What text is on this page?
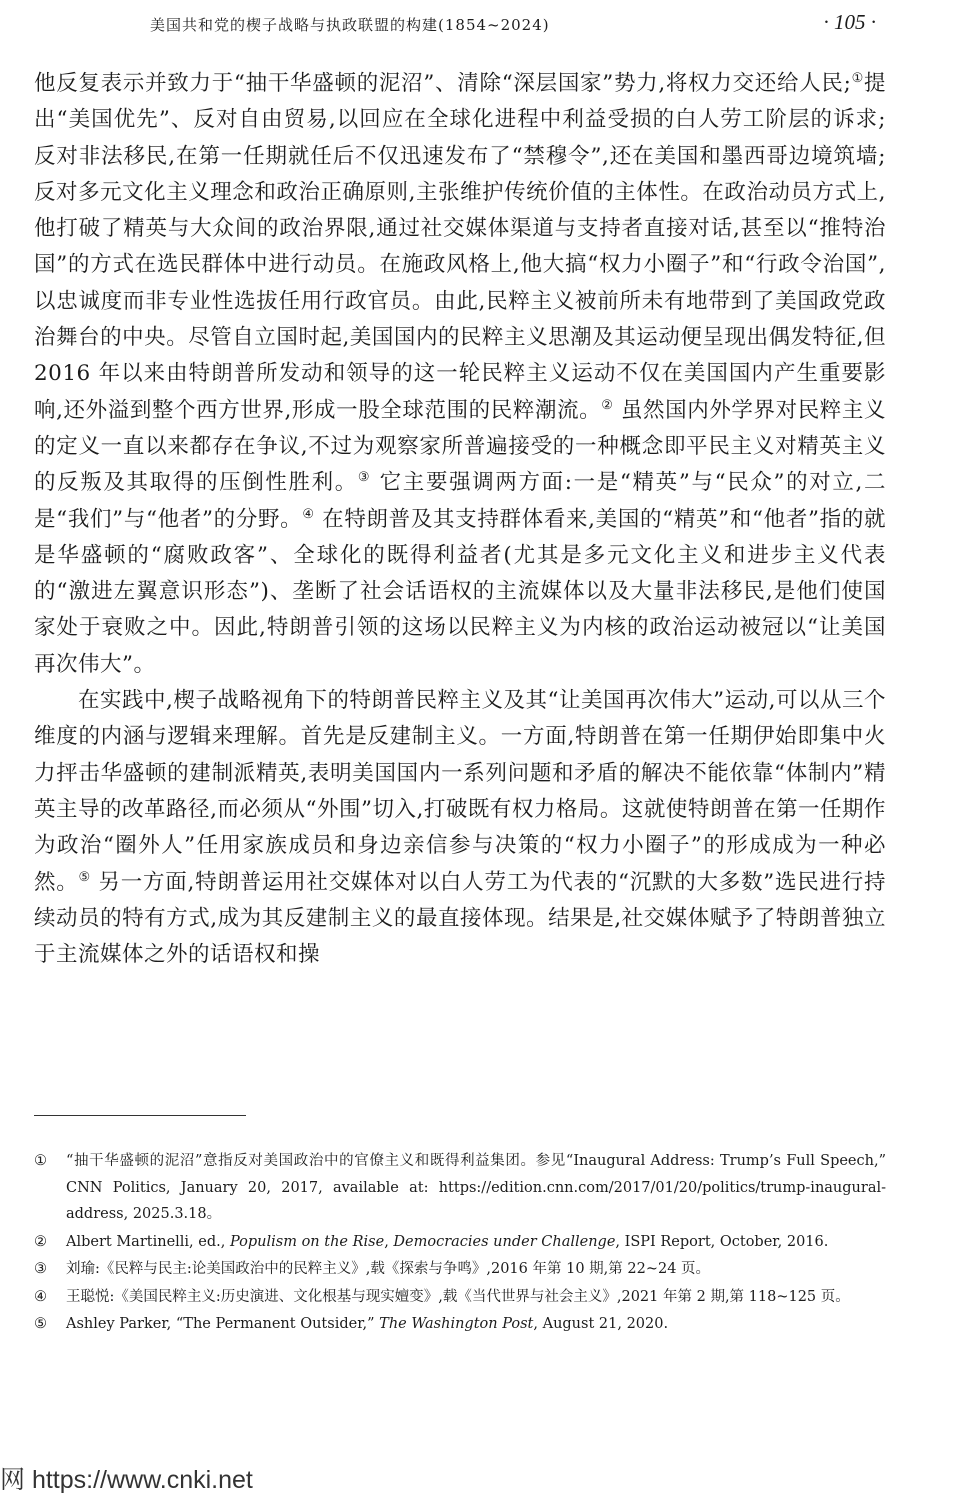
美国共和党的楔子战略与执政联盟的构建(1854~2024)	· 105 ·

他反复表示并致力于“抽干华盛顿的泥沼”、清除“深层国家”势力,将权力交还给人民;①提出“美国优先”、反对自由贸易,以回应在全球化进程中利益受损的白人劳工阶层的诉求;反对非法移民,在第一任期就任后不仅迅速发布了“禁穆令”,还在美国和墨西哥边境筑墙;反对多元文化主义理念和政治正确原则,主张维护传统价值的主体性。在政治动员方式上,他打破了精英与大众间的政治界限,通过社交媒体渠道与支持者直接对话,甚至以“推特治国”的方式在选民群体中进行动员。在施政风格上,他大搞“权力小圈子”和“行政令治国”,以忠诚度而非专业性选拔任用行政官员。由此,民粹主义被前所未有地带到了美国政党政治舞台的中央。尽管自立国时起,美国国内的民粹主义思潮及其运动便呈现出偶发特征,但 2016 年以来由特朗普所发动和领导的这一轮民粹主义运动不仅在美国国内产生重要影响,还外溢到整个西方世界,形成一股全球范围的民粹潮流。② 虽然国内外学界对民粹主义的定义一直以来都存在争议,不过为观察家所普遍接受的一种概念即平民主义对精英主义的反叛及其取得的压倒性胜利。③ 它主要强调两方面:一是“精英”与“民众”的对立,二是“我们”与“他者”的分野。④ 在特朗普及其支持群体看来,美国的“精英”和“他者”指的就是华盛顿的“腐败政客”、全球化的既得利益者(尤其是多元文化主义和进步主义代表的“激进左翼意识形态”)、垄断了社会话语权的主流媒体以及大量非法移民,是他们使国家处于衰败之中。因此,特朗普引领的这场以民粹主义为内核的政治运动被冠以“让美国再次伟大”。

在实践中,楔子战略视角下的特朗普民粹主义及其“让美国再次伟大”运动,可以从三个维度的内涵与逻辑来理解。首先是反建制主义。一方面,特朗普在第一任期伊始即集中火力抨击华盛顿的建制派精英,表明美国国内一系列问题和矛盾的解决不能依靠“体制内”精英主导的改革路径,而必须从“外围”切入,打破既有权力格局。这就使特朗普在第一任期作为政治“圈外人”任用家族成员和身边亲信参与决策的“权力小圈子”的形成成为一种必然。⑤ 另一方面,特朗普运用社交媒体对以白人劳工为代表的“沉默的大多数”选民进行持续动员的特有方式,成为其反建制主义的最直接体现。结果是,社交媒体赋予了特朗普独立于主流媒体之外的话语权和操

① “抽干华盛顿的泥沼”意指反对美国政治中的官僚主义和既得利益集团。参见“Inaugural Address: Trump’s Full Speech,” CNN Politics, January 20, 2017, available at: https://edition.cnn.com/2017/01/20/politics/trump-inaugural-address, 2025.3.18。
② Albert Martinelli, ed., Populism on the Rise, Democracies under Challenge, ISPI Report, October, 2016.
③ 刘瑜:《民粹与民主:论美国政治中的民粹主义》,载《探索与争鸣》,2016 年第 10 期,第 22~24 页。
④ 王聪悦:《美国民粹主义:历史演进、文化根基与现实嬗变》,载《当代世界与社会主义》,2021 年第 2 期,第 118~125 页。
⑤ Ashley Parker, “The Permanent Outsider,” The Washington Post, August 21, 2020.
网 https://www.cnki.net
